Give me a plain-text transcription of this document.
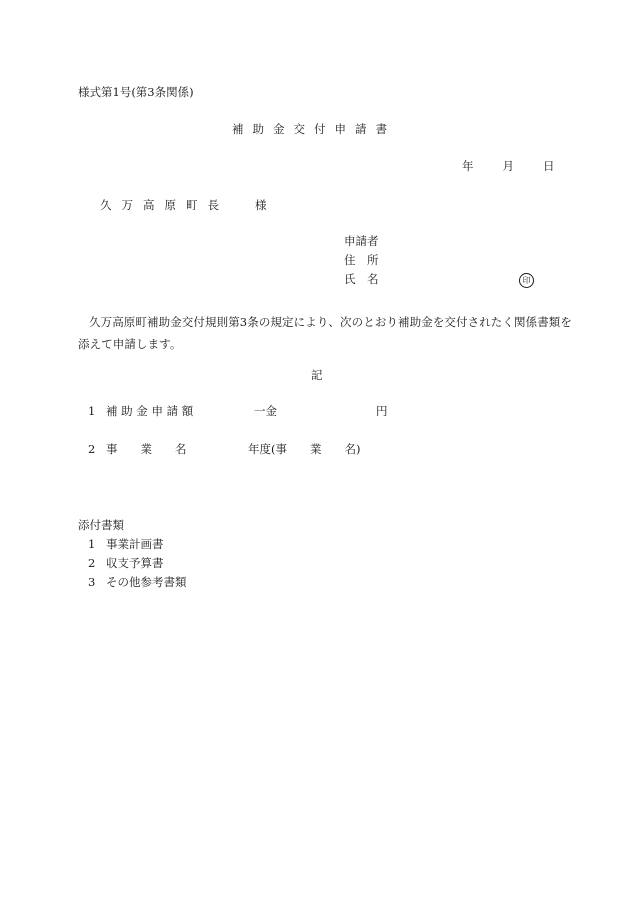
様式第1号(第3条関係)
補助金交付申請書
年	月	日
久万高原町長 様
申請者
住　所
氏　名	印
久万高原町補助金交付規則第3条の規定により、次のとおり補助金を交付されたく関係書類を添えて申請します。
記
1 補 助 金 申 請 額	一金	円
2 事　　業　　名	年度(事　　業　　名)
添付書類
1 事業計画書
2 収支予算書
3 その他参考書類
